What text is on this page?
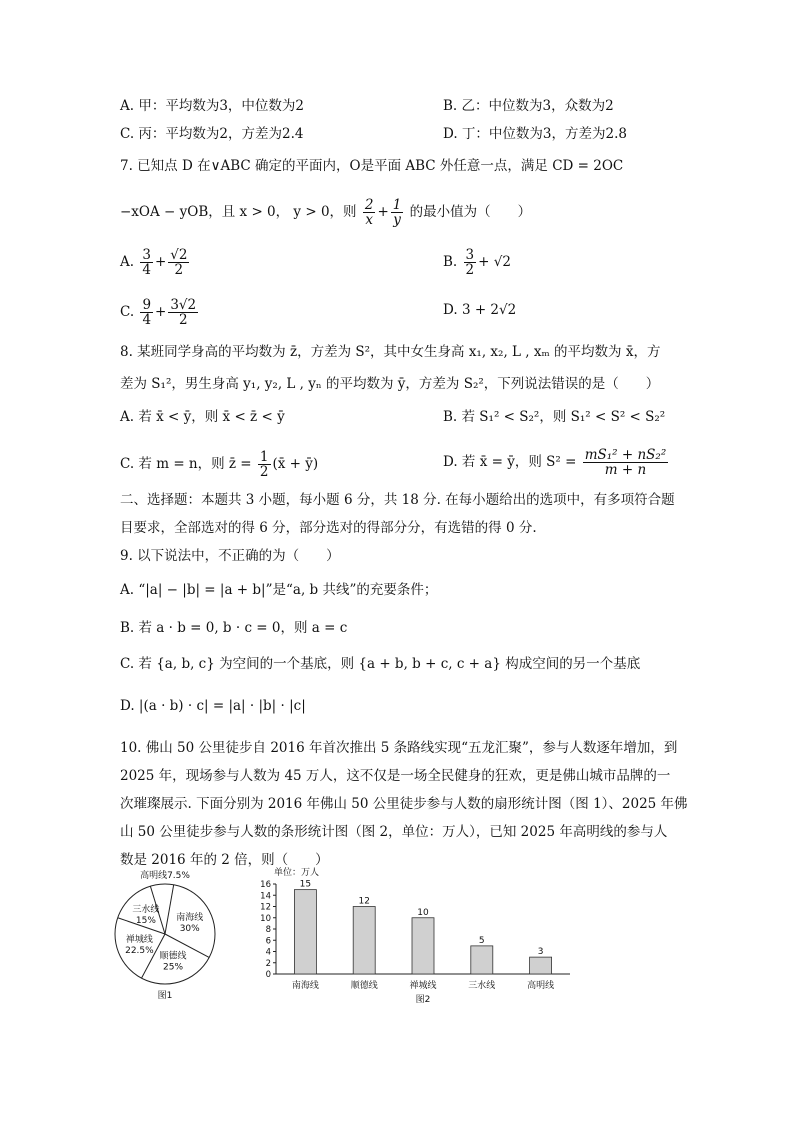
A. 甲：平均数为3，中位数为2	B. 乙：中位数为3，众数为2
C. 丙：平均数为2，方差为2.4	D. 丁：中位数为3，方差为2.8
7. 已知点 D 在∨ABC 确定的平面内，O是平面 ABC 外任意一点，满足 CD = 2OC
−xOA − yOB，且 x > 0， y > 0，则 $\frac{2}{x} + \frac{1}{y}$ 的最小值为（　　）
A. $\frac{3}{4} + \frac{√2}{2}$	B. $\frac{3}{2} + √2$
C. $\frac{9}{4} + \frac{3√2}{2}$	D. 3 + 2√2
8. 某班同学身高的平均数为 z̄，方差为 S²，其中女生身高 x₁, x₂, L , xₘ 的平均数为 x̄，方
差为 S₁²，男生身高 y₁, y₂, L , yₙ 的平均数为 ȳ，方差为 S₂²，下列说法错误的是（　　）
A. 若 x̄ < ȳ，则 x̄ < z̄ < ȳ	B. 若 S₁² < S₂²，则 S₁² < S² < S₂²
C. 若 m = n，则 z̄ = $\frac{1}{2}$ (x̄ + ȳ)	D. 若 x̄ = ȳ，则 $S^2 = \frac{\text{mS₁² + nS₂²}}{m + n}$
二、选择题：本题共 3 小题，每小题 6 分，共 18 分. 在每小题给出的选项中，有多项符合题
目要求，全部选对的得 6 分，部分选对的得部分分，有选错的得 0 分.
9. 以下说法中，不正确的为（　　）
A. “|a| − |b| = |a + b|”是“a, b 共线”的充要条件；
B. 若 a · b = 0, b · c = 0，则 a = c
C. 若 {a, b, c} 为空间的一个基底，则 {a + b, b + c, c + a} 构成空间的另一个基底
D. |(a · b) · c| = |a| · |b| · |c|
10. 佛山 50 公里徒步自 2016 年首次推出 5 条路线实现“五龙汇聚”，参与人数逐年增加，到
2025 年，现场参与人数为 45 万人，这不仅是一场全民健身的狂欢，更是佛山城市品牌的一
次璀璨展示. 下面分别为 2016 年佛山 50 公里徒步参与人数的扇形统计图（图 1）、2025 年佛
山 50 公里徒步参与人数的条形统计图（图 2，单位：万人），已知 2025 年高明线的参与人
数是 2016 年的 2 倍，则（　　）
南海线
30%
顺德线
25%
禅城线
22.5%
三水线
15%
高明线7.5%
图1
单位：万人
0
2
4
6
8
10
12
14
16	15
南海线
12
顺德线
10
禅城线
5
三水线
3
高明线
图2
